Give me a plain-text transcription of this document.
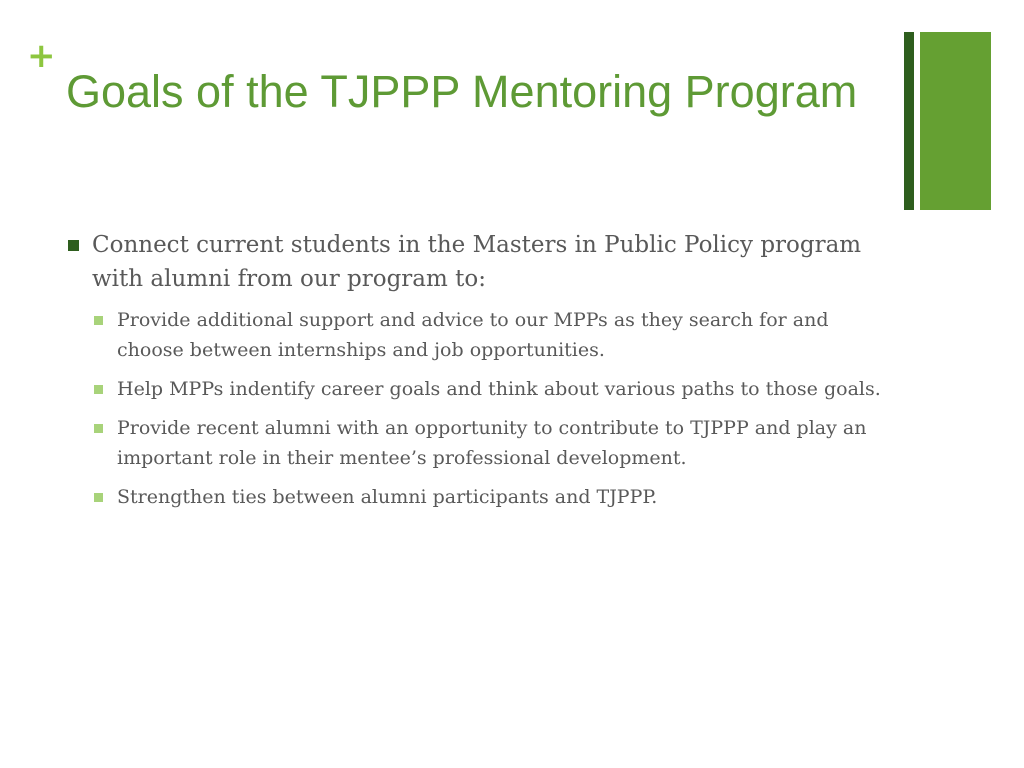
+
Goals of the TJPPP Mentoring Program
Connect current students in the Masters in Public Policy program with alumni from our program to:
Provide additional support and advice to our MPPs as they search for and choose between internships and job opportunities.
Help MPPs indentify career goals and think about various paths to those goals.
Provide recent alumni with an opportunity to contribute to TJPPP and play an important role in their mentee’s professional development.
Strengthen ties between alumni participants and TJPPP.
